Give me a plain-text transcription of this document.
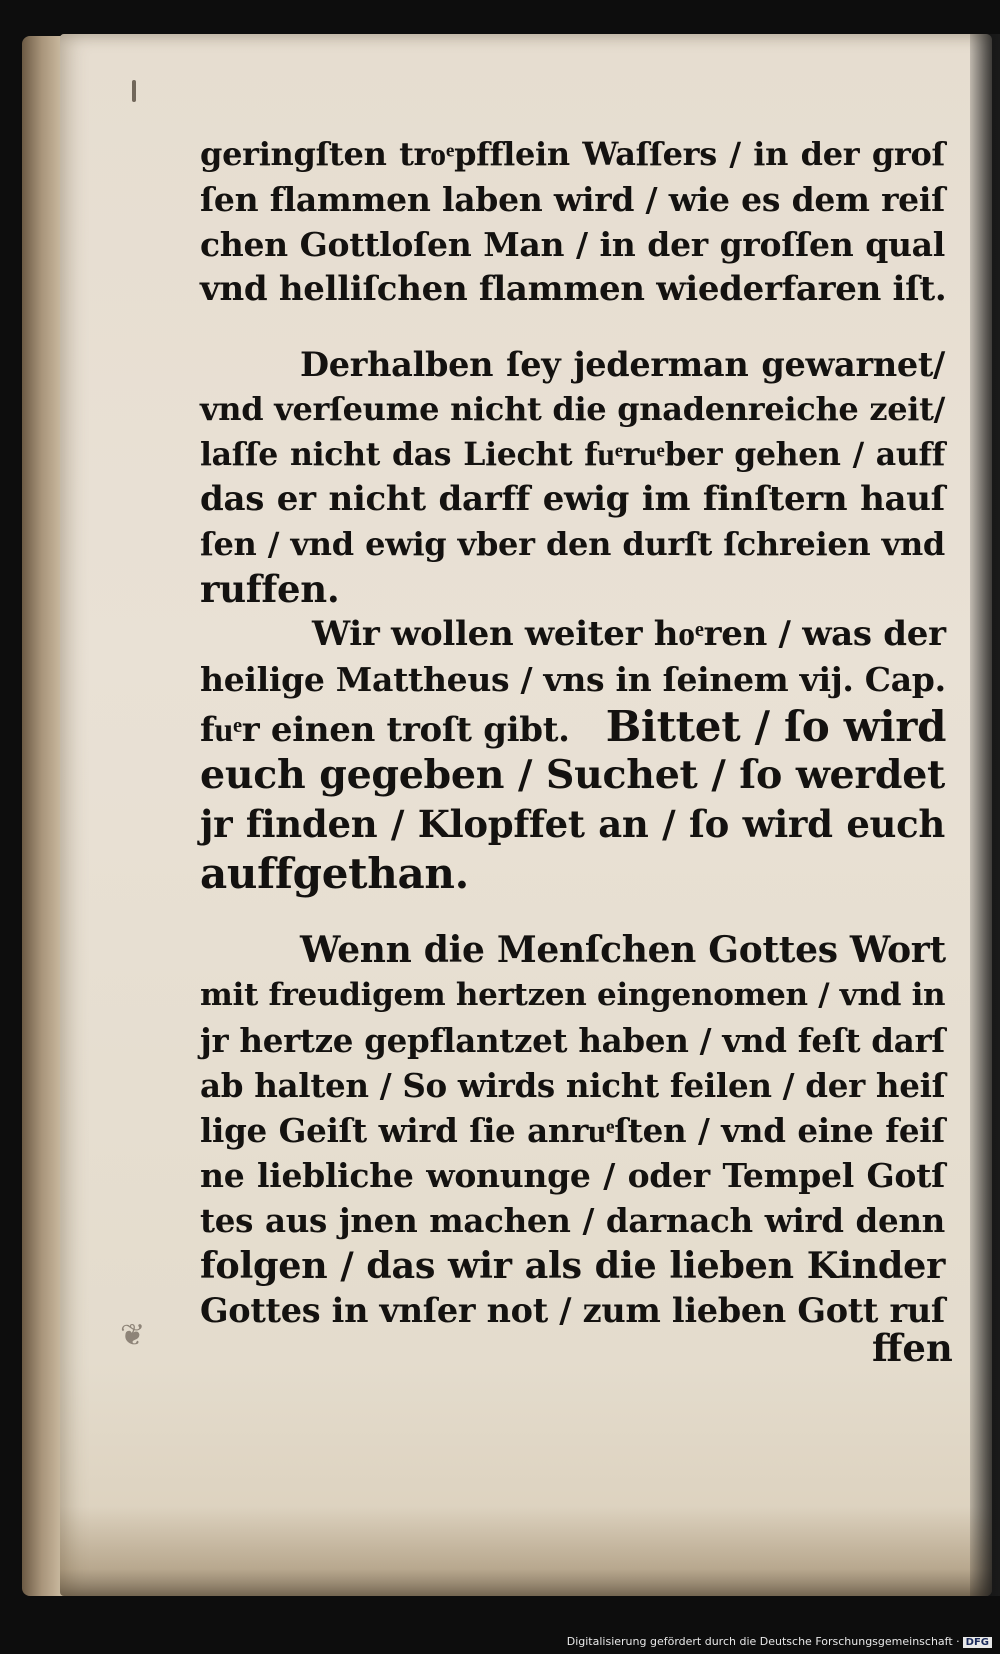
❦
geringſten troͤpfflein Waſſers / in der groſ
ſen flammen laben wird / wie es dem reiſ
chen Gottloſen Man / in der groſſen qual
vnd helliſchen flammen wiederfaren iſt.
Derhalben ſey jederman gewarnet/
vnd verſeume nicht die gnadenreiche zeit/
laſſe nicht das Liecht fuͤruͤber gehen / auff
das er nicht darff ewig im finſtern hauſ
ſen / vnd ewig vber den durſt ſchreien vnd
ruffen.
Wir wollen weiter hoͤren / was der
heilige Mattheus / vns in ſeinem vij. Cap.
fuͤr einen troſt gibt. Bittet / ſo wird
euch gegeben / Suchet / ſo werdet
jr finden / Klopffet an / ſo wird euch
auffgethan.
Wenn die Menſchen Gottes Wort
mit freudigem hertzen eingenomen / vnd in
jr hertze gepflantzet haben / vnd feſt darſ
ab halten / So wirds nicht feilen / der heiſ
lige Geiſt wird ſie anruͤſten / vnd eine feiſ
ne liebliche wonunge / oder Tempel Gotſ
tes aus jnen machen / darnach wird denn
folgen / das wir als die lieben Kinder
Gottes in vnſer not / zum lieben Gott ruſ
ffen
Digitalisierung gefördert durch die Deutsche Forschungsgemeinschaft · DFG
